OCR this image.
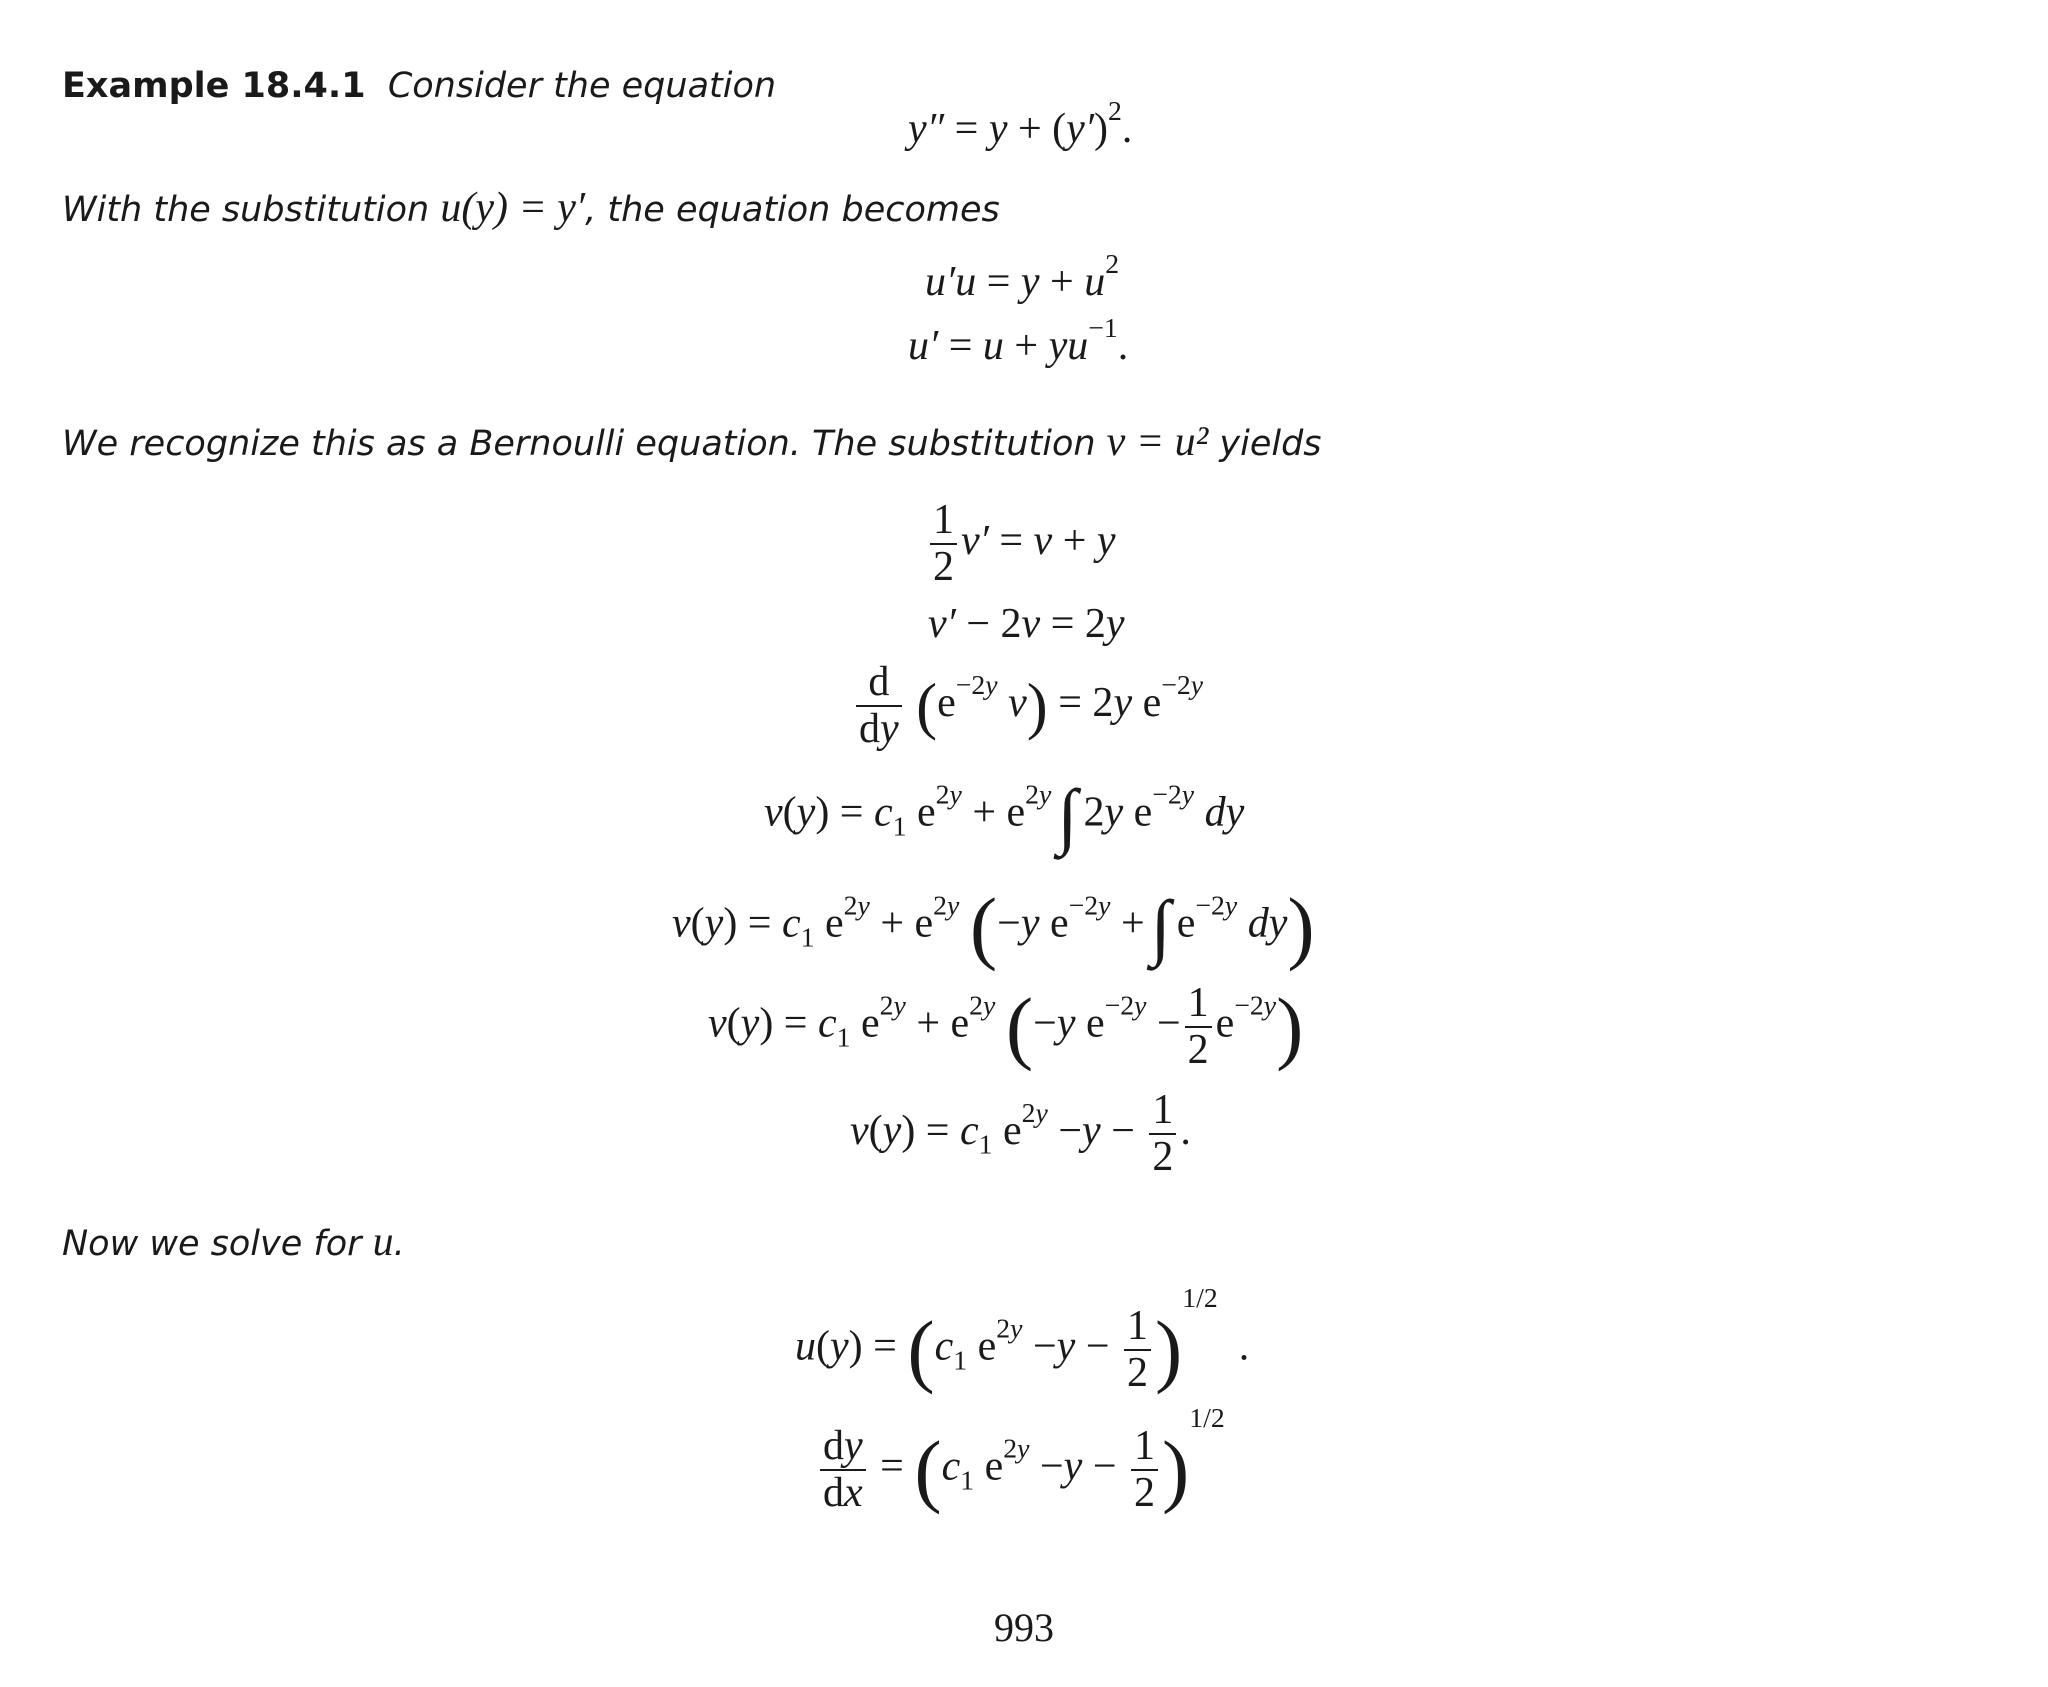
Example 18.4.1 Consider the equation
$y'' = y + (y')^2$.
With the substitution u(y) = y′, the equation becomes
$u'u = y + u^2$
$u' = u + yu^{-1}$.
We recognize this as a Bernoulli equation. The substitution v = u² yields
$\frac{1}{2} v' = v + y$
v′ − 2v = 2y
$\frac{d}{dy} (e^{-2y}$ v) = 2y $e^{-2y}$
$v(y) = c_1$ $e^{2y} + e^{2y}\int$ 2y $e^{-2y}$ dy
$v(y) = c_1$ $e^{2y} + e^{2y}$ (−y $e^{-2y}$ +∫ $e^{-2y}$ dy)
$v(y) = c_1$ $e^{2y} + e^{2y}$ (−y $e^{-2y} - \frac{1}{2} e^{-2y}$)
$v(y) = c_1$ $e^{2y} -y - \frac{1}{2}$ .
Now we solve for u.
$u(y) = (c_1$ $e^{2y} -y - \frac{1}{2} )^{1/2}$  .
$\frac{dy}{dx} = (c_1$ $e^{2y} -y - \frac{1}{2} )^{1/2}$
993
